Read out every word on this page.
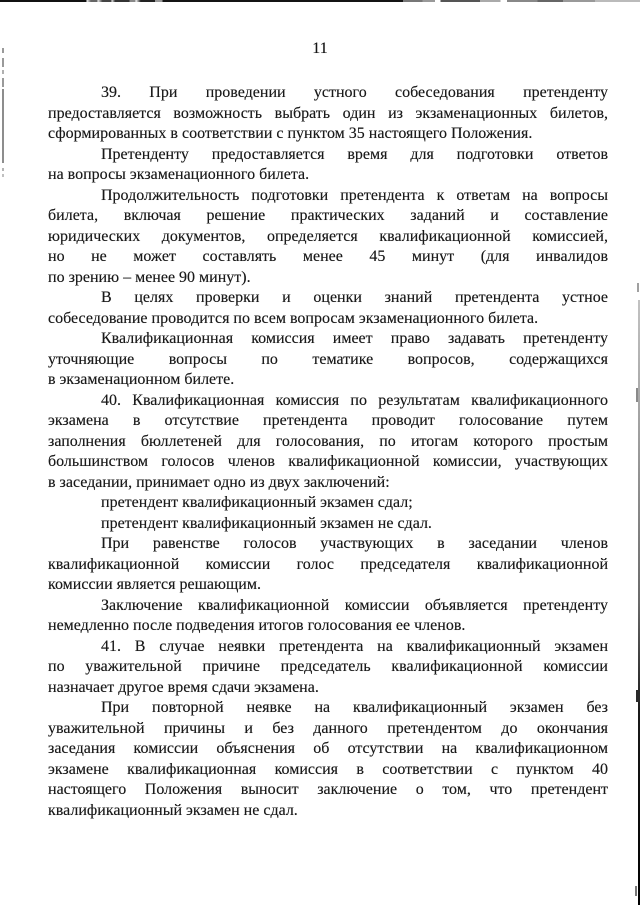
11
39. При проведении устного собеседования претенденту
предоставляется возможность выбрать один из экзаменационных билетов,
сформированных в соответствии с пунктом 35 настоящего Положения.
Претенденту предоставляется время для подготовки ответов
на вопросы экзаменационного билета.
Продолжительность подготовки претендента к ответам на вопросы
билета, включая решение практических заданий и составление
юридических документов, определяется квалификационной комиссией,
но не может составлять менее 45 минут (для инвалидов
по зрению – менее 90 минут).
В целях проверки и оценки знаний претендента устное
собеседование проводится по всем вопросам экзаменационного билета.
Квалификационная комиссия имеет право задавать претенденту
уточняющие вопросы по тематике вопросов, содержащихся
в экзаменационном билете.
40. Квалификационная комиссия по результатам квалификационного
экзамена в отсутствие претендента проводит голосование путем
заполнения бюллетеней для голосования, по итогам которого простым
большинством голосов членов квалификационной комиссии, участвующих
в заседании, принимает одно из двух заключений:
претендент квалификационный экзамен сдал;
претендент квалификационный экзамен не сдал.
При равенстве голосов участвующих в заседании членов
квалификационной комиссии голос председателя квалификационной
комиссии является решающим.
Заключение квалификационной комиссии объявляется претенденту
немедленно после подведения итогов голосования ее членов.
41. В случае неявки претендента на квалификационный экзамен
по уважительной причине председатель квалификационной комиссии
назначает другое время сдачи экзамена.
При повторной неявке на квалификационный экзамен без
уважительной причины и без данного претендентом до окончания
заседания комиссии объяснения об отсутствии на квалификационном
экзамене квалификационная комиссия в соответствии с пунктом 40
настоящего Положения выносит заключение о том, что претендент
квалификационный экзамен не сдал.
